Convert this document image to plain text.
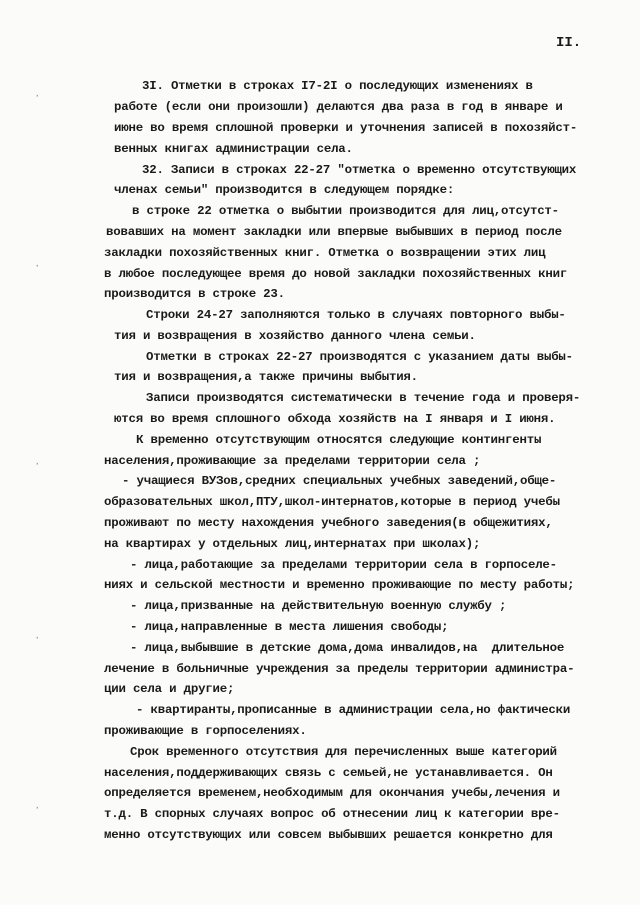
II.
·
·
·
·
·
3I. Отметки в строках I7-2I о последующих изменениях в
работе (если они произошли) делаются два раза в год в январе и
июне во время сплошной проверки и уточнения записей в похозяйст-
венных книгах администрации села.
32. Записи в строках 22-27 "отметка о временно отсутствующих
членах семьи" производится в следующем порядке:
в строке 22 отметка о выбытии производится для лиц,отсутст-
вовавших на момент закладки или впервые выбывших в период после
закладки похозяйственных книг. Отметка о возвращении этих лиц
в любое последующее время до новой закладки похозяйственных книг
производится в строке 23.
Строки 24-27 заполняются только в случаях повторного выбы-
тия и возвращения в хозяйство данного члена семьи.
Отметки в строках 22-27 производятся с указанием даты выбы-
тия и возвращения,а также причины выбытия.
Записи производятся систематически в течение года и проверя-
ются во время сплошного обхода хозяйств на I января и I июня.
К временно отсутствующим относятся следующие контингенты
населения,проживающие за пределами территории села ;
- учащиеся ВУЗов,средних специальных учебных заведений,обще-
образовательных школ,ПТУ,школ-интернатов,которые в период учебы
проживают по месту нахождения учебного заведения(в общежитиях,
на квартирах у отдельных лиц,интернатах при школах);
- лица,работающие за пределами территории села в горпоселе-
ниях и сельской местности и временно проживающие по месту работы;
- лица,призванные на действительную военную службу ;
- лица,направленные в места лишения свободы;
- лица,выбывшие в детские дома,дома инвалидов,на  длительное
лечение в больничные учреждения за пределы территории администра-
ции села и другие;
- квартиранты,прописанные в администрации села,но фактически
проживающие в горпоселениях.
Срок временного отсутствия для перечисленных выше категорий
населения,поддерживающих связь с семьей,не устанавливается. Он
определяется временем,необходимым для окончания учебы,лечения и
т.д. В спорных случаях вопрос об отнесении лиц к категории вре-
менно отсутствующих или совсем выбывших решается конкретно для
